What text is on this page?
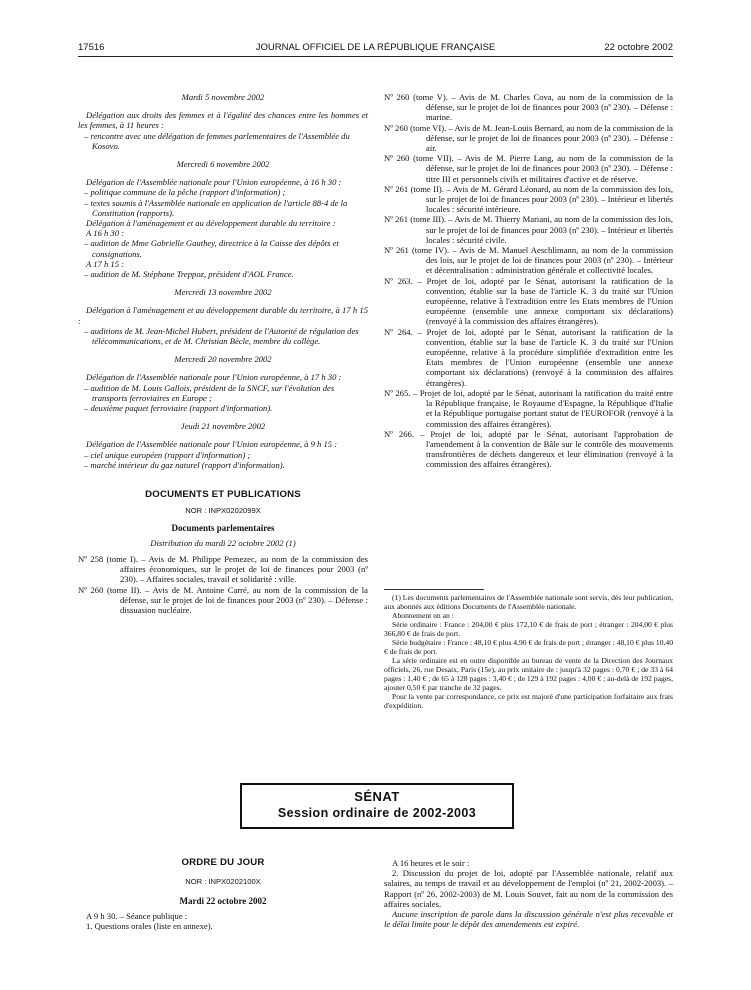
17516	JOURNAL OFFICIEL DE LA RÉPUBLIQUE FRANÇAISE	22 octobre 2002

Mardi 5 novembre 2002

Délégation aux droits des femmes et à l'égalité des chances entre les hommes et les femmes, à 11 heures :

– rencontre avec une délégation de femmes parlementaires de l'Assemblée du Kosovo.

Mercredi 6 novembre 2002

Délégation de l'Assemblée nationale pour l'Union européenne, à 16 h 30 :

– politique commune de la pêche (rapport d'information) ;

– textes soumis à l'Assemblée nationale en application de l'article 88-4 de la Constitution (rapports).

Délégation à l'aménagement et au développement durable du territoire :

A 16 h 30 :

– audition de Mme Gabrielle Gauthey, directrice à la Caisse des dépôts et consignations.

A 17 h 15 :

– audition de M. Stéphane Treppoz, président d'AOL France.

Mercredi 13 novembre 2002

Délégation à l'aménagement et au développement durable du territoire, à 17 h 15 :

– auditions de M. Jean-Michel Hubert, président de l'Autorité de régulation des télécommunications, et de M. Christian Bècle, membre du collège.

Mercredi 20 novembre 2002

Délégation de l'Assemblée nationale pour l'Union européenne, à 17 h 30 :

– audition de M. Louis Gallois, président de la SNCF, sur l'évolution des transports ferroviaires en Europe ;

– deuxième paquet ferroviaire (rapport d'information).

Jeudi 21 novembre 2002

Délégation de l'Assemblée nationale pour l'Union européenne, à 9 h 15 :

– ciel unique européen (rapport d'information) ;

– marché intérieur du gaz naturel (rapport d'information).

DOCUMENTS ET PUBLICATIONS

NOR : INPX0202099X

Documents parlementaires

Distribution du mardi 22 octobre 2002 (1)

Nº 258 (tome I). – Avis de M. Philippe Pemezec, au nom de la commission des affaires économiques, sur le projet de loi de finances pour 2003 (nº 230). – Affaires sociales, travail et solidarité : ville.

Nº 260 (tome II). – Avis de M. Antoine Carré, au nom de la commission de la défense, sur le projet de loi de finances pour 2003 (nº 230). – Défense : dissuasion nucléaire.

Nº 260 (tome V). – Avis de M. Charles Cova, au nom de la commission de la défense, sur le projet de loi de finances pour 2003 (nº 230). – Défense : marine.

Nº 260 (tome VI). – Avis de M. Jean-Louis Bernard, au nom de la commission de la défense, sur le projet de loi de finances pour 2003 (nº 230). – Défense : air.

Nº 260 (tome VII). – Avis de M. Pierre Lang, au nom de la commission de la défense, sur le projet de loi de finances pour 2003 (nº 230). – Défense : titre III et personnels civils et militaires d'active et de réserve.

Nº 261 (tome II). – Avis de M. Gérard Léonard, au nom de la commission des lois, sur le projet de loi de finances pour 2003 (nº 230). – Intérieur et libertés locales : sécurité intérieure.

Nº 261 (tome III). – Avis de M. Thierry Mariani, au nom de la commission des lois, sur le projet de loi de finances pour 2003 (nº 230). – Intérieur et libertés locales : sécurité civile.

Nº 261 (tome IV). – Avis de M. Manuel Aeschlimann, au nom de la commission des lois, sur le projet de loi de finances pour 2003 (nº 230). – Intérieur et décentralisation : administration générale et collectivité locales.

Nº 263. – Projet de loi, adopté par le Sénat, autorisant la ratification de la convention, établie sur la base de l'article K. 3 du traité sur l'Union européenne, relative à l'extradition entre les Etats membres de l'Union européenne (ensemble une annexe comportant six déclarations) (renvoyé à la commission des affaires étrangères).

Nº 264. – Projet de loi, adopté par le Sénat, autorisant la ratification de la convention, établie sur la base de l'article K. 3 du traité sur l'Union européenne, relative à la procédure simplifiée d'extradition entre les Etats membres de l'Union européenne (ensemble une annexe comportant six déclarations) (renvoyé à la commission des affaires étrangères).

Nº 265. – Projet de loi, adopté par le Sénat, autorisant la ratification du traité entre la République française, le Royaume d'Espagne, la République d'Italie et la République portugaise portant statut de l'EUROFOR (renvoyé à la commission des affaires étrangères).

Nº 266. – Projet de loi, adopté par le Sénat, autorisant l'approbation de l'amendement à la convention de Bâle sur le contrôle des mouvements transfrontières de déchets dangereux et leur élimination (renvoyé à la commission des affaires étrangères).

(1) Les documents parlementaires de l'Assemblée nationale sont servis, dès leur publication, aux abonnés aux éditions Documents de l'Assemblée nationale.

Abonnement un an :

Série ordinaire : France : 204,00 € plus 172,10 € de frais de port ; étranger : 204,00 € plus 366,80 € de frais de port.

Série budgétaire : France : 48,10 € plus 4,90 € de frais de port ; étranger : 48,10 € plus 10,40 € de frais de port.

La série ordinaire est en outre disponible au bureau de vente de la Direction des Journaux officiels, 26, rue Desaix, Paris (15e), au prix unitaire de : jusqu'à 32 pages : 0,70 € ; de 33 à 64 pages : 1,40 € ; de 65 à 128 pages : 3,40 € ; de 129 à 192 pages : 4,00 € ; au-delà de 192 pages, ajouter 0,50 € par tranche de 32 pages.

Pour la vente par correspondance, ce prix est majoré d'une participation forfaitaire aux frais d'expédition.

SÉNAT
Session ordinaire de 2002-2003

ORDRE DU JOUR

NOR : INPX0202100X

Mardi 22 octobre 2002

A 9 h 30. – Séance publique :

1. Questions orales (liste en annexe).

A 16 heures et le soir :

2. Discussion du projet de loi, adopté par l'Assemblée nationale, relatif aux salaires, au temps de travail et au développement de l'emploi (nº 21, 2002-2003). – Rapport (nº 26, 2002-2003) de M. Louis Souvet, fait au nom de la commission des affaires sociales.

Aucune inscription de parole dans la discussion générale n'est plus recevable et le délai limite pour le dépôt des amendements est expiré.
